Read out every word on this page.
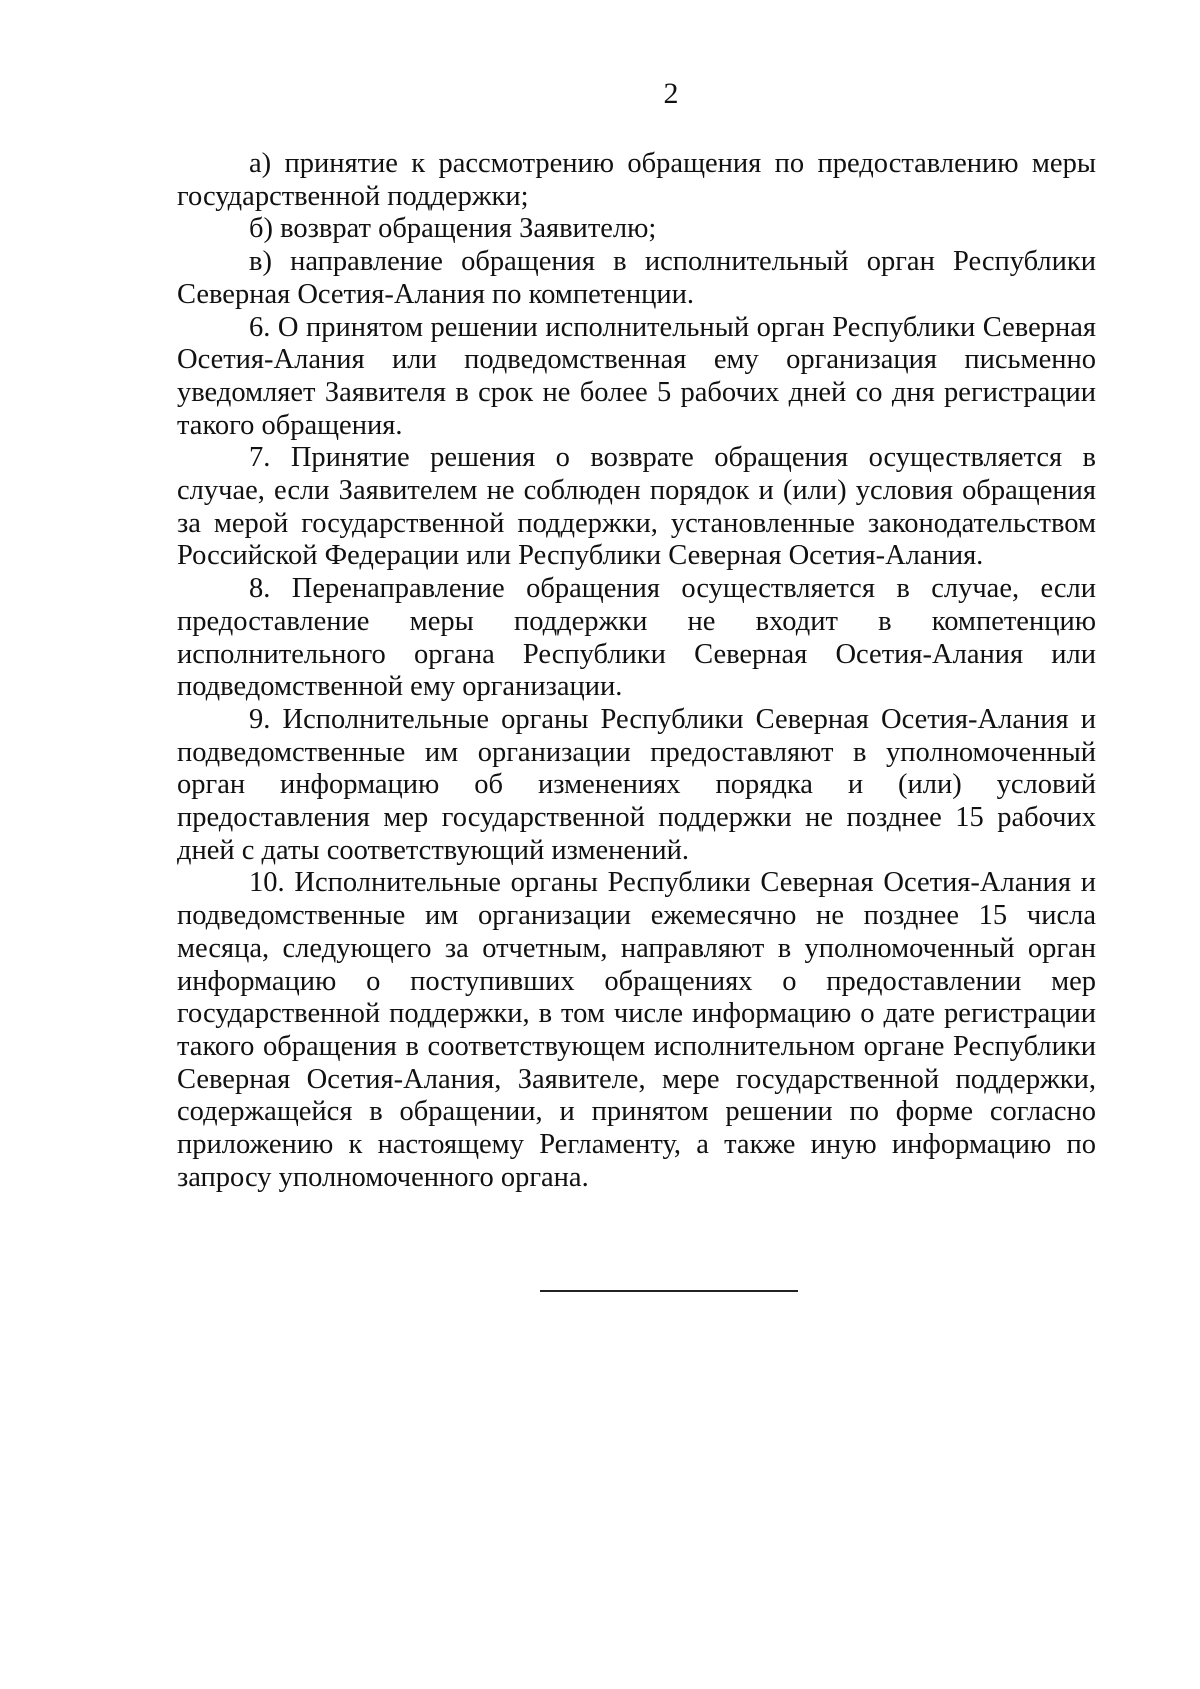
2

а) принятие к рассмотрению обращения по предоставлению меры государственной поддержки;

б) возврат обращения Заявителю;

в) направление обращения в исполнительный орган Республики Северная Осетия-Алания по компетенции.

6. О принятом решении исполнительный орган Республики Северная Осетия-Алания или подведомственная ему организация письменно уведомляет Заявителя в срок не более 5 рабочих дней со дня регистрации такого обращения.

7. Принятие решения о возврате обращения осуществляется в случае, если Заявителем не соблюден порядок и (или) условия обращения за мерой государственной поддержки, установленные законодательством Российской Федерации или Республики Северная Осетия-Алания.

8. Перенаправление обращения осуществляется в случае, если предоставление меры поддержки не входит в компетенцию исполнительного органа Республики Северная Осетия-Алания или подведомственной ему организации.

9. Исполнительные органы Республики Северная Осетия-Алания и подведомственные им организации предоставляют в уполномоченный орган информацию об изменениях порядка и (или) условий предоставления мер государственной поддержки не позднее 15 рабочих дней с даты соответствующий изменений.

10. Исполнительные органы Республики Северная Осетия-Алания и подведомственные им организации ежемесячно не позднее 15 числа месяца, следующего за отчетным, направляют в уполномоченный орган информацию о поступивших обращениях о предоставлении мер государственной поддержки, в том числе информацию о дате регистрации такого обращения в соответствующем исполнительном органе Республики Северная Осетия-Алания, Заявителе, мере государственной поддержки, содержащейся в обращении, и принятом решении по форме согласно приложению к настоящему Регламенту, а также иную информацию по запросу уполномоченного органа.
